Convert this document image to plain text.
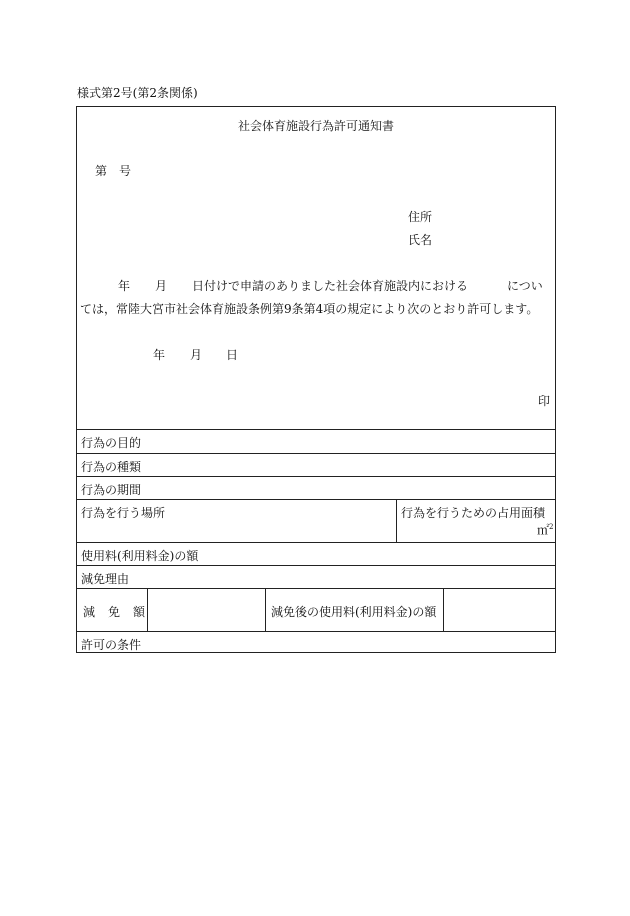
様式第2号(第2条関係)
社会体育施設行為許可通知書
第 号
住所
氏名
年 月 日付けで申請のありました社会体育施設内における	につい
ては，常陸大宮市社会体育施設条例第9条第4項の規定により次のとおり許可します。
年 月 日
印
行為の目的
行為の種類
行為の期間
行為を行う場所	行為を行うための占用面積
㎡$^2$
使用料(利用料金)の額
減免理由
減 免 額	減免後の使用料(利用料金)の額
許可の条件
